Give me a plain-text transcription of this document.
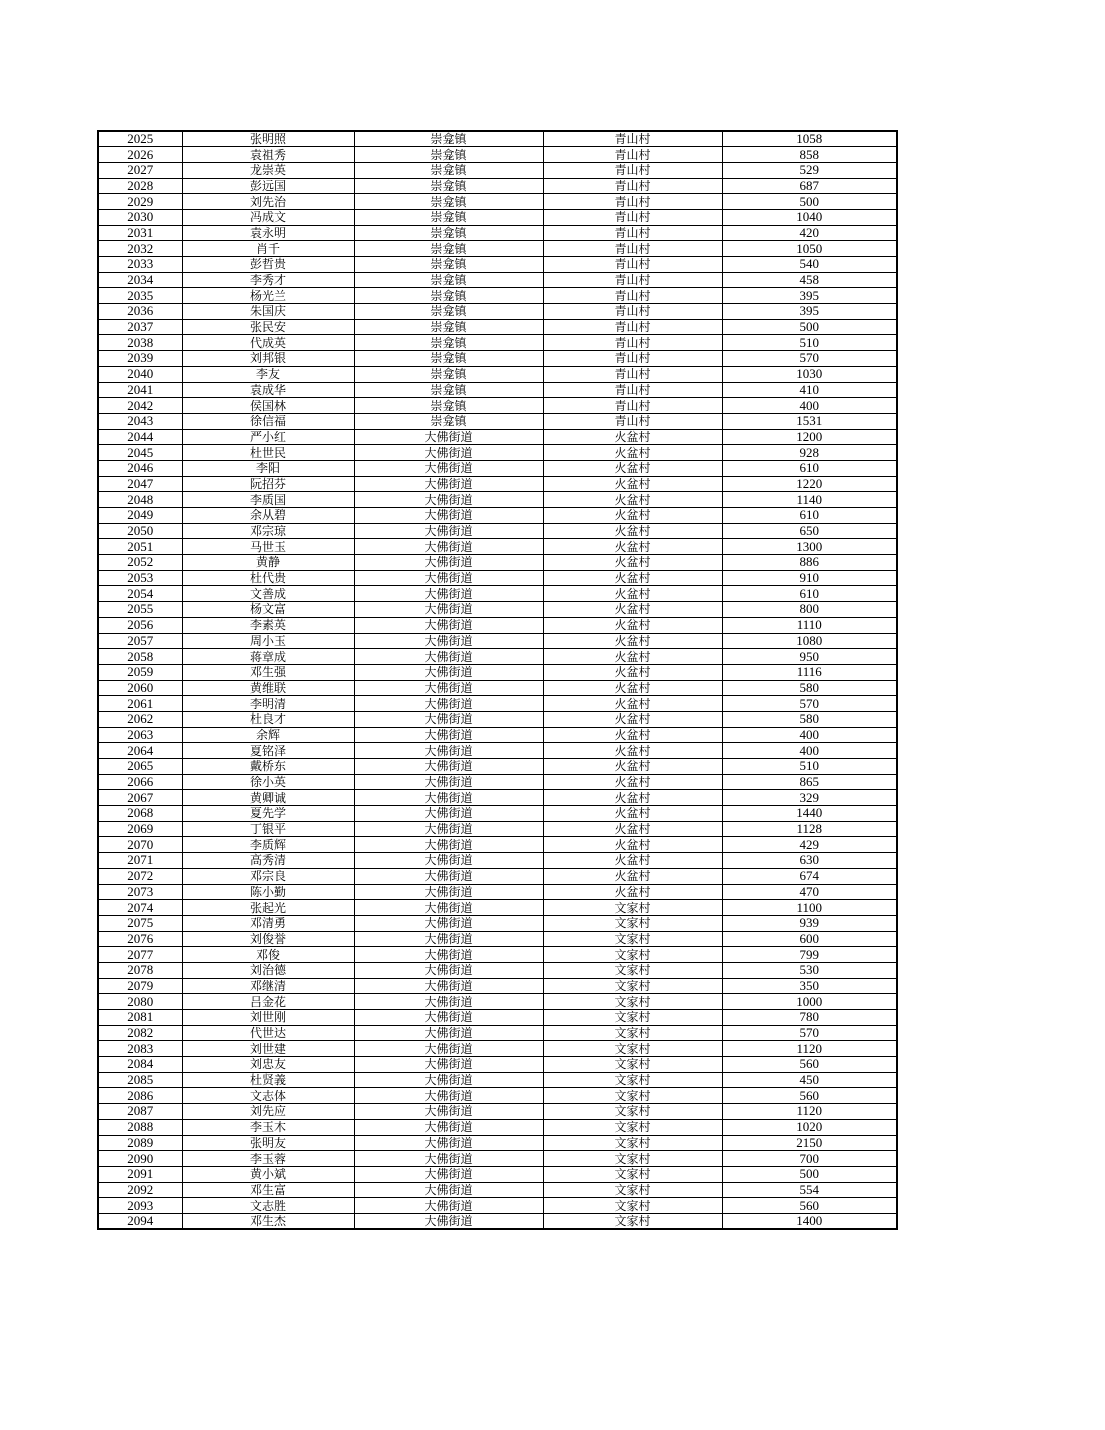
2025	张明照	崇龛镇	青山村	1058
2026	袁祖秀	崇龛镇	青山村	858
2027	龙崇英	崇龛镇	青山村	529
2028	彭远国	崇龛镇	青山村	687
2029	刘先治	崇龛镇	青山村	500
2030	冯成文	崇龛镇	青山村	1040
2031	袁永明	崇龛镇	青山村	420
2032	肖千	崇龛镇	青山村	1050
2033	彭哲贵	崇龛镇	青山村	540
2034	李秀才	崇龛镇	青山村	458
2035	杨光兰	崇龛镇	青山村	395
2036	朱国庆	崇龛镇	青山村	395
2037	张民安	崇龛镇	青山村	500
2038	代成英	崇龛镇	青山村	510
2039	刘邦银	崇龛镇	青山村	570
2040	李友	崇龛镇	青山村	1030
2041	袁成华	崇龛镇	青山村	410
2042	侯国林	崇龛镇	青山村	400
2043	徐信福	崇龛镇	青山村	1531
2044	严小红	大佛街道	火盆村	1200
2045	杜世民	大佛街道	火盆村	928
2046	李阳	大佛街道	火盆村	610
2047	阮招芬	大佛街道	火盆村	1220
2048	李质国	大佛街道	火盆村	1140
2049	余从碧	大佛街道	火盆村	610
2050	邓宗琼	大佛街道	火盆村	650
2051	马世玉	大佛街道	火盆村	1300
2052	黄静	大佛街道	火盆村	886
2053	杜代贵	大佛街道	火盆村	910
2054	文善成	大佛街道	火盆村	610
2055	杨文富	大佛街道	火盆村	800
2056	李素英	大佛街道	火盆村	1110
2057	周小玉	大佛街道	火盆村	1080
2058	蒋章成	大佛街道	火盆村	950
2059	邓生强	大佛街道	火盆村	1116
2060	黄维联	大佛街道	火盆村	580
2061	李明清	大佛街道	火盆村	570
2062	杜良才	大佛街道	火盆村	580
2063	余辉	大佛街道	火盆村	400
2064	夏铭泽	大佛街道	火盆村	400
2065	戴桥东	大佛街道	火盆村	510
2066	徐小英	大佛街道	火盆村	865
2067	黄卿诚	大佛街道	火盆村	329
2068	夏先学	大佛街道	火盆村	1440
2069	丁银平	大佛街道	火盆村	1128
2070	李质辉	大佛街道	火盆村	429
2071	高秀清	大佛街道	火盆村	630
2072	邓宗良	大佛街道	火盆村	674
2073	陈小勤	大佛街道	火盆村	470
2074	张起光	大佛街道	文家村	1100
2075	邓清勇	大佛街道	文家村	939
2076	刘俊誉	大佛街道	文家村	600
2077	邓俊	大佛街道	文家村	799
2078	刘治德	大佛街道	文家村	530
2079	邓继清	大佛街道	文家村	350
2080	吕金花	大佛街道	文家村	1000
2081	刘世刚	大佛街道	文家村	780
2082	代世达	大佛街道	文家村	570
2083	刘世建	大佛街道	文家村	1120
2084	刘忠友	大佛街道	文家村	560
2085	杜贤義	大佛街道	文家村	450
2086	文志体	大佛街道	文家村	560
2087	刘先应	大佛街道	文家村	1120
2088	李玉木	大佛街道	文家村	1020
2089	张明友	大佛街道	文家村	2150
2090	李玉蓉	大佛街道	文家村	700
2091	黄小斌	大佛街道	文家村	500
2092	邓生富	大佛街道	文家村	554
2093	文志胜	大佛街道	文家村	560
2094	邓生杰	大佛街道	文家村	1400
